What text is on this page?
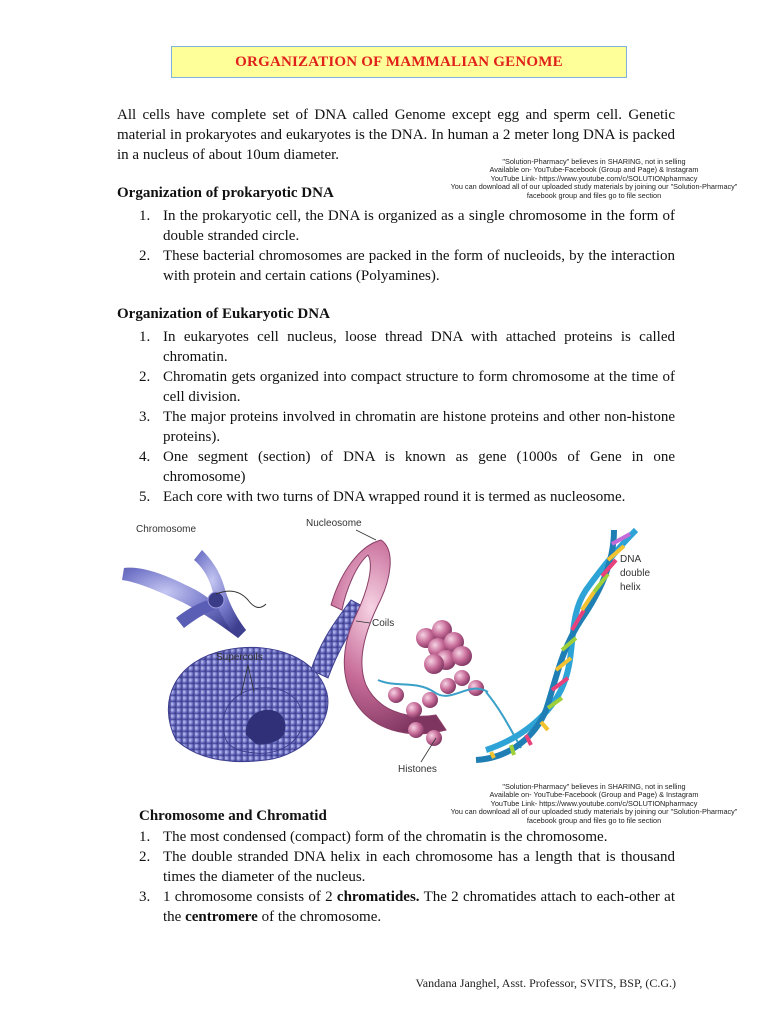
ORGANIZATION OF MAMMALIAN GENOME

All cells have complete set of DNA called Genome except egg and sperm cell. Genetic material in prokaryotes and eukaryotes is the DNA. In human a 2 meter long DNA is packed in a nucleus of about 10um diameter.	"Solution-Pharmacy" believes in SHARING, not in selling
Available on- YouTube-Facebook (Group and Page) & Instagram
YouTube Link- https://www.youtube.com/c/SOLUTIONpharmacy
You can download all of our uploaded study materials by joining our "Solution-Pharmacy"
facebook group and files go to file section
Organization of prokaryotic DNA
1. In the prokaryotic cell, the DNA is organized as a single chromosome in the form of double stranded circle.
2. These bacterial chromosomes are packed in the form of nucleoids, by the interaction with protein and certain cations (Polyamines).
Organization of Eukaryotic DNA
1. In eukaryotes cell nucleus, loose thread DNA with attached proteins is called chromatin.
2. Chromatin gets organized into compact structure to form chromosome at the time of cell division.
3. The major proteins involved in chromatin are histone proteins and other non-histone proteins).
4. One segment (section) of DNA is known as gene (1000s of Gene in one chromosome)
5. Each core with two turns of DNA wrapped round it is termed as nucleosome.
Chromosome
Nucleosome
DNA
double
helix
Coils
Supercoils
Histones
"Solution-Pharmacy" believes in SHARING, not in selling
Available on- YouTube-Facebook (Group and Page) & Instagram
YouTube Link- https://www.youtube.com/c/SOLUTIONpharmacy
You can download all of our uploaded study materials by joining our "Solution-Pharmacy"
facebook group and files go to file section
Chromosome and Chromatid
1. The most condensed (compact) form of the chromatin is the chromosome.
2. The double stranded DNA helix in each chromosome has a length that is thousand times the diameter of the nucleus.
3. 1 chromosome consists of 2 chromatides. The 2 chromatides attach to each-other at the centromere of the chromosome.
Vandana Janghel, Asst. Professor, SVITS, BSP, (C.G.)
